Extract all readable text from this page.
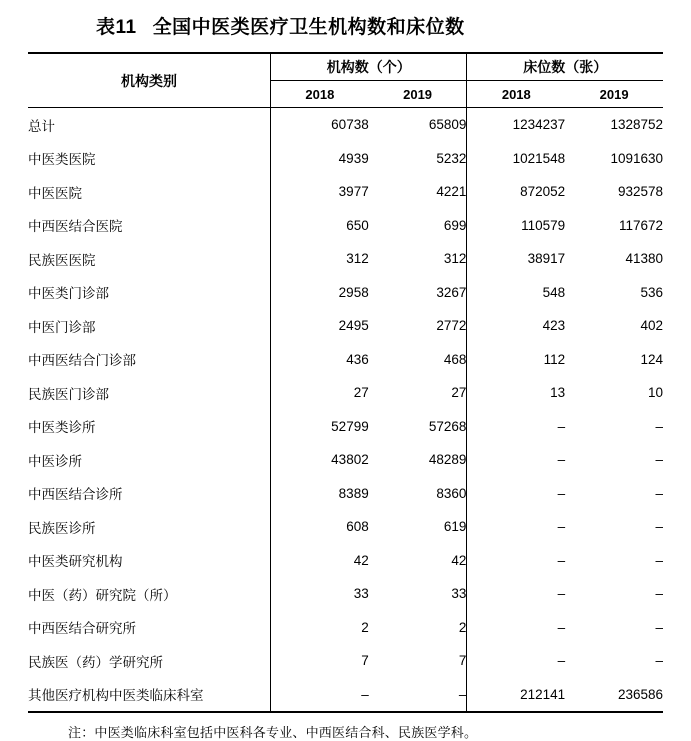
表11 全国中医类医疗卫生机构数和床位数
机构类别	机构数（个）		床位数（张）	
	2018	2019	2018	2019
总计	60738	65809	1234237	1328752
中医类医院	4939	5232	1021548	1091630
中医医院	3977	4221	872052	932578
中西医结合医院	650	699	110579	117672
民族医医院	312	312	38917	41380
中医类门诊部	2958	3267	548	536
中医门诊部	2495	2772	423	402
中西医结合门诊部	436	468	112	124
民族医门诊部	27	27	13	10
中医类诊所	52799	57268	–	–
中医诊所	43802	48289	–	–
中西医结合诊所	8389	8360	–	–
民族医诊所	608	619	–	–
中医类研究机构	42	42	–	–
中医（药）研究院（所）	33	33	–	–
中西医结合研究所	2	2	–	–
民族医（药）学研究所	7	7	–	–
其他医疗机构中医类临床科室	–	–	212141	236586
注：中医类临床科室包括中医科各专业、中西医结合科、民族医学科。
